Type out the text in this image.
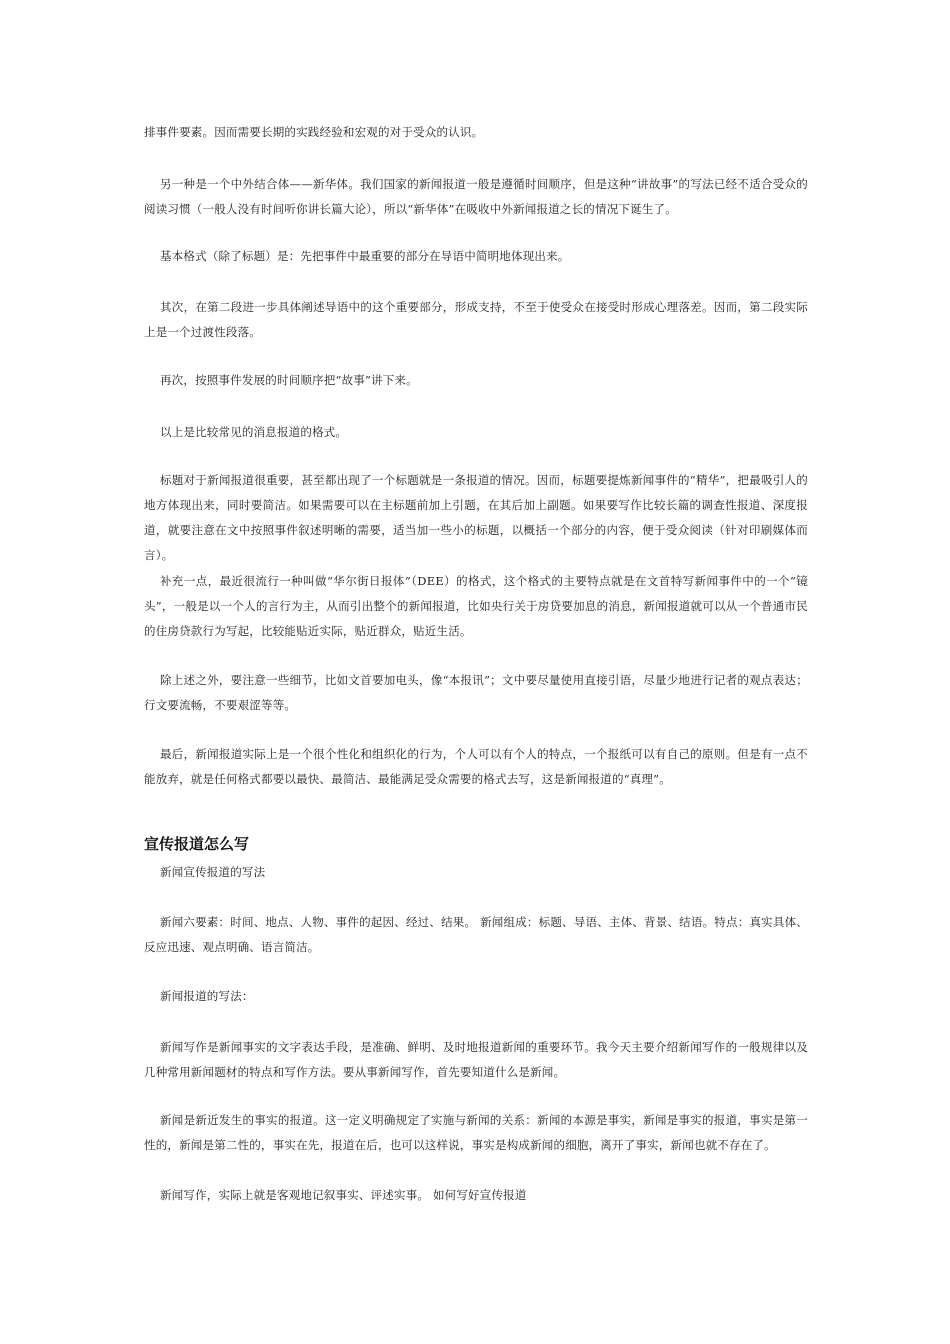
排事件要素。因而需要长期的实践经验和宏观的对于受众的认识。

另一种是一个中外结合体——新华体。我们国家的新闻报道一般是遵循时间顺序，但是这种“讲故事”的写法已经不适合受众的阅读习惯（一般人没有时间听你讲长篇大论），所以“新华体”在吸收中外新闻报道之长的情况下诞生了。

基本格式（除了标题）是：先把事件中最重要的部分在导语中简明地体现出来。

其次，在第二段进一步具体阐述导语中的这个重要部分，形成支持，不至于使受众在接受时形成心理落差。因而，第二段实际上是一个过渡性段落。

再次，按照事件发展的时间顺序把“故事”讲下来。

以上是比较常见的消息报道的格式。

标题对于新闻报道很重要，甚至都出现了一个标题就是一条报道的情况。因而，标题要提炼新闻事件的“精华”，把最吸引人的地方体现出来，同时要简洁。如果需要可以在主标题前加上引题，在其后加上副题。如果要写作比较长篇的调查性报道、深度报道，就要注意在文中按照事件叙述明晰的需要，适当加一些小的标题，以概括一个部分的内容，便于受众阅读（针对印刷媒体而言）。

补充一点，最近很流行一种叫做“华尔街日报体”（DEE）的格式，这个格式的主要特点就是在文首特写新闻事件中的一个“镜头”，一般是以一个人的言行为主，从而引出整个的新闻报道，比如央行关于房贷要加息的消息，新闻报道就可以从一个普通市民的住房贷款行为写起，比较能贴近实际，贴近群众，贴近生活。

除上述之外，要注意一些细节，比如文首要加电头，像“本报讯”；文中要尽量使用直接引语，尽量少地进行记者的观点表达；行文要流畅，不要艰涩等等。

最后，新闻报道实际上是一个很个性化和组织化的行为，个人可以有个人的特点，一个报纸可以有自己的原则。但是有一点不能放弃，就是任何格式都要以最快、最简洁、最能满足受众需要的格式去写，这是新闻报道的“真理”。

宣传报道怎么写

新闻宣传报道的写法

新闻六要素：时间、地点、人物、事件的起因、经过、结果。 新闻组成：标题、导语、主体、背景、结语。特点：真实具体、反应迅速、观点明确、语言简洁。

新闻报道的写法：

新闻写作是新闻事实的文字表达手段，是准确、鲜明、及时地报道新闻的重要环节。我今天主要介绍新闻写作的一般规律以及几种常用新闻题材的特点和写作方法。要从事新闻写作，首先要知道什么是新闻。

新闻是新近发生的事实的报道。这一定义明确规定了实施与新闻的关系：新闻的本源是事实，新闻是事实的报道，事实是第一性的，新闻是第二性的，事实在先，报道在后，也可以这样说，事实是构成新闻的细胞，离开了事实，新闻也就不存在了。

新闻写作，实际上就是客观地记叙事实、评述实事。 如何写好宣传报道
